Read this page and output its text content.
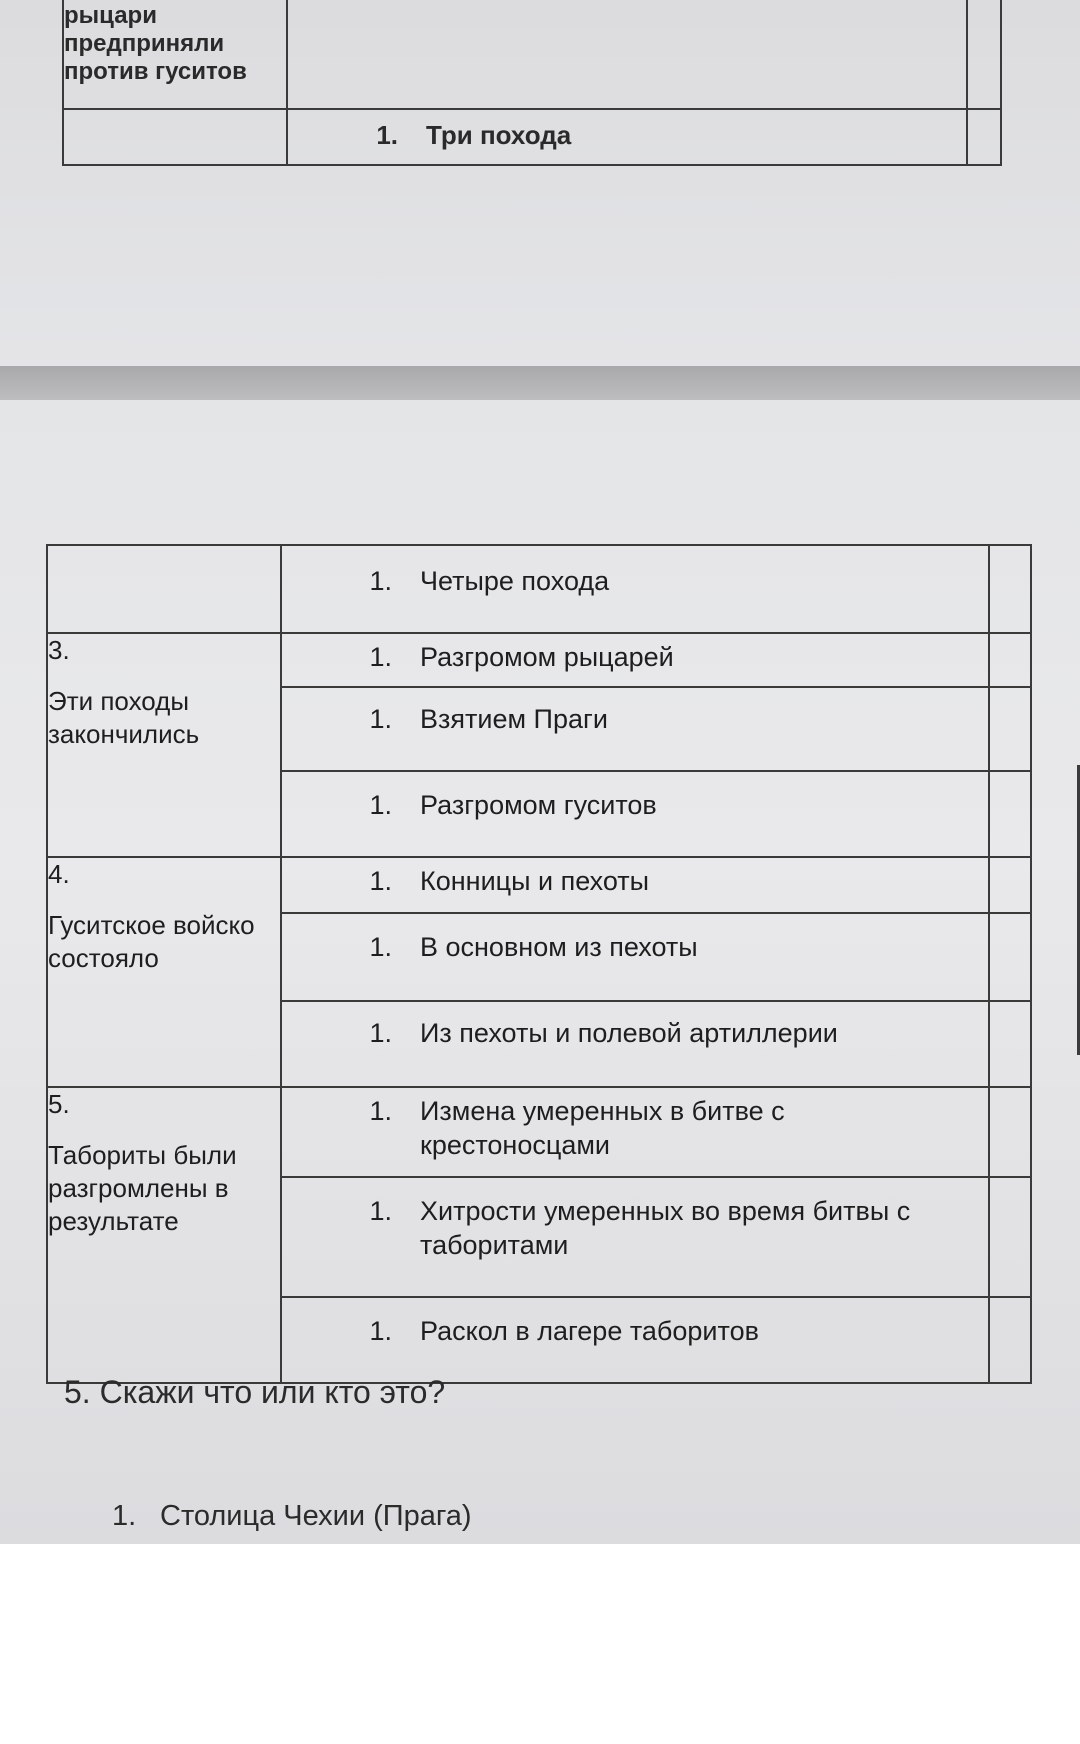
рыцари предприняли против гуситов		

	1. Три похода	

	1. Четыре похода	

3.
Эти походы закончились	1. Разгромом рыцарей	

	1. Взятием Праги	

	1. Разгромом гуситов	

4.
Гуситское войско состояло	1. Конницы и пехоты	

	1. В основном из пехоты	

	1. Из пехоты и полевой артиллерии	

5.
Табориты были разгромлены в результате	1. Измена умеренных в битве с крестоносцами	

	1. Хитрости умеренных во время битвы с таборитами	

	1. Раскол в лагере таборитов	

5. Скажи что или кто это?
1. Столица Чехии (Прага)
